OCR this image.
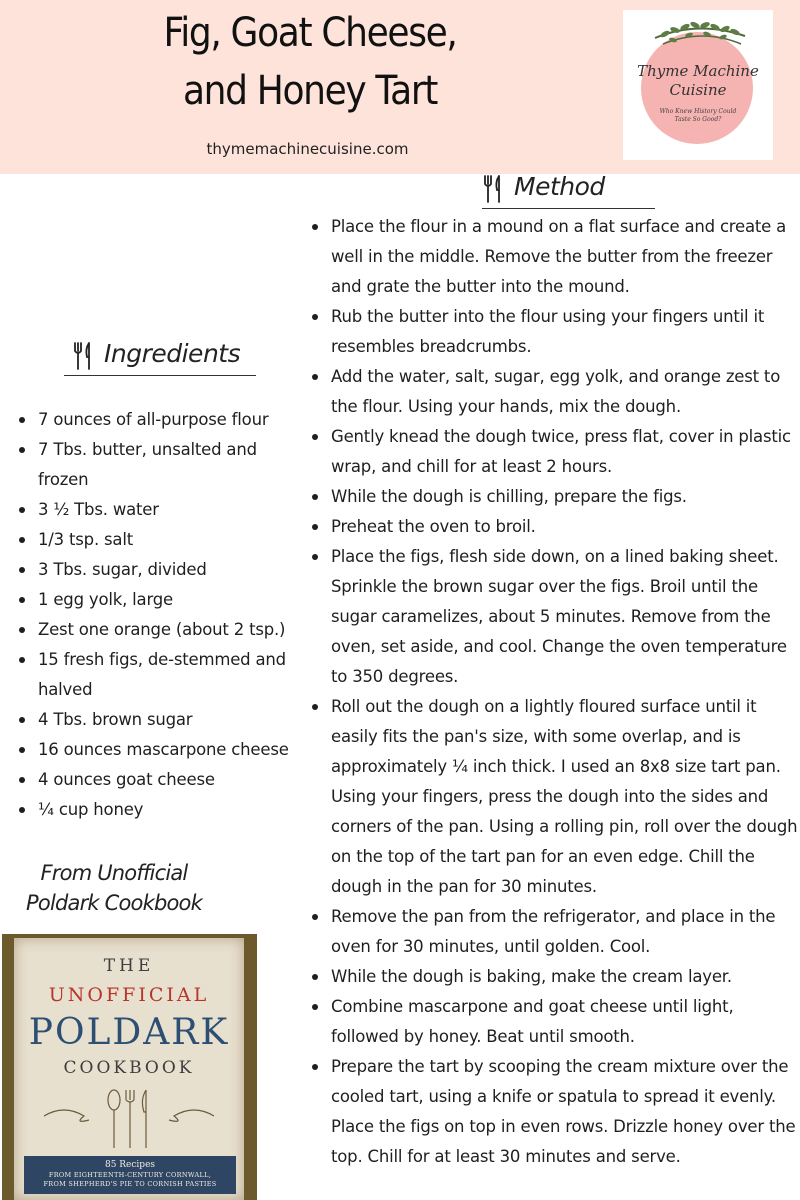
Fig, Goat Cheese,
and Honey Tart
thymemachinecuisine.com
Thyme Machine
Cuisine
Who Knew History Could
Taste So Good?
Method
Place the flour in a mound on a flat surface and create a well in the middle. Remove the butter from the freezer and grate the butter into the mound.
Rub the butter into the flour using your fingers until it resembles breadcrumbs.
Add the water, salt, sugar, egg yolk, and orange zest to the flour. Using your hands, mix the dough.
Gently knead the dough twice, press flat, cover in plastic wrap, and chill for at least 2 hours.
While the dough is chilling, prepare the figs.
Preheat the oven to broil.
Place the figs, flesh side down, on a lined baking sheet. Sprinkle the brown sugar over the figs. Broil until the sugar caramelizes, about 5 minutes. Remove from the oven, set aside, and cool. Change the oven temperature to 350 degrees.
Roll out the dough on a lightly floured surface until it easily fits the pan's size, with some overlap, and is approximately ¼ inch thick. I used an 8x8 size tart pan. Using your fingers, press the dough into the sides and corners of the pan. Using a rolling pin, roll over the dough on the top of the tart pan for an even edge. Chill the dough in the pan for 30 minutes.
Remove the pan from the refrigerator, and place in the oven for 30 minutes, until golden. Cool.
While the dough is baking, make the cream layer.
Combine mascarpone and goat cheese until light, followed by honey. Beat until smooth.
Prepare the tart by scooping the cream mixture over the cooled tart, using a knife or spatula to spread it evenly. Place the figs on top in even rows. Drizzle honey over the top. Chill for at least 30 minutes and serve.
Ingredients
7 ounces of all-purpose flour
7 Tbs. butter, unsalted and frozen
3 ½ Tbs. water
1/3 tsp. salt
3 Tbs. sugar, divided
1 egg yolk, large
Zest one orange (about 2 tsp.)
15 fresh figs, de-stemmed and halved
4 Tbs. brown sugar
16 ounces mascarpone cheese
4 ounces goat cheese
¼ cup honey
From Unofficial
Poldark Cookbook
THE
UNOFFICIAL
POLDARK
COOKBOOK
85 Recipes
FROM EIGHTEENTH-CENTURY CORNWALL,
FROM SHEPHERD'S PIE TO CORNISH PASTIES
